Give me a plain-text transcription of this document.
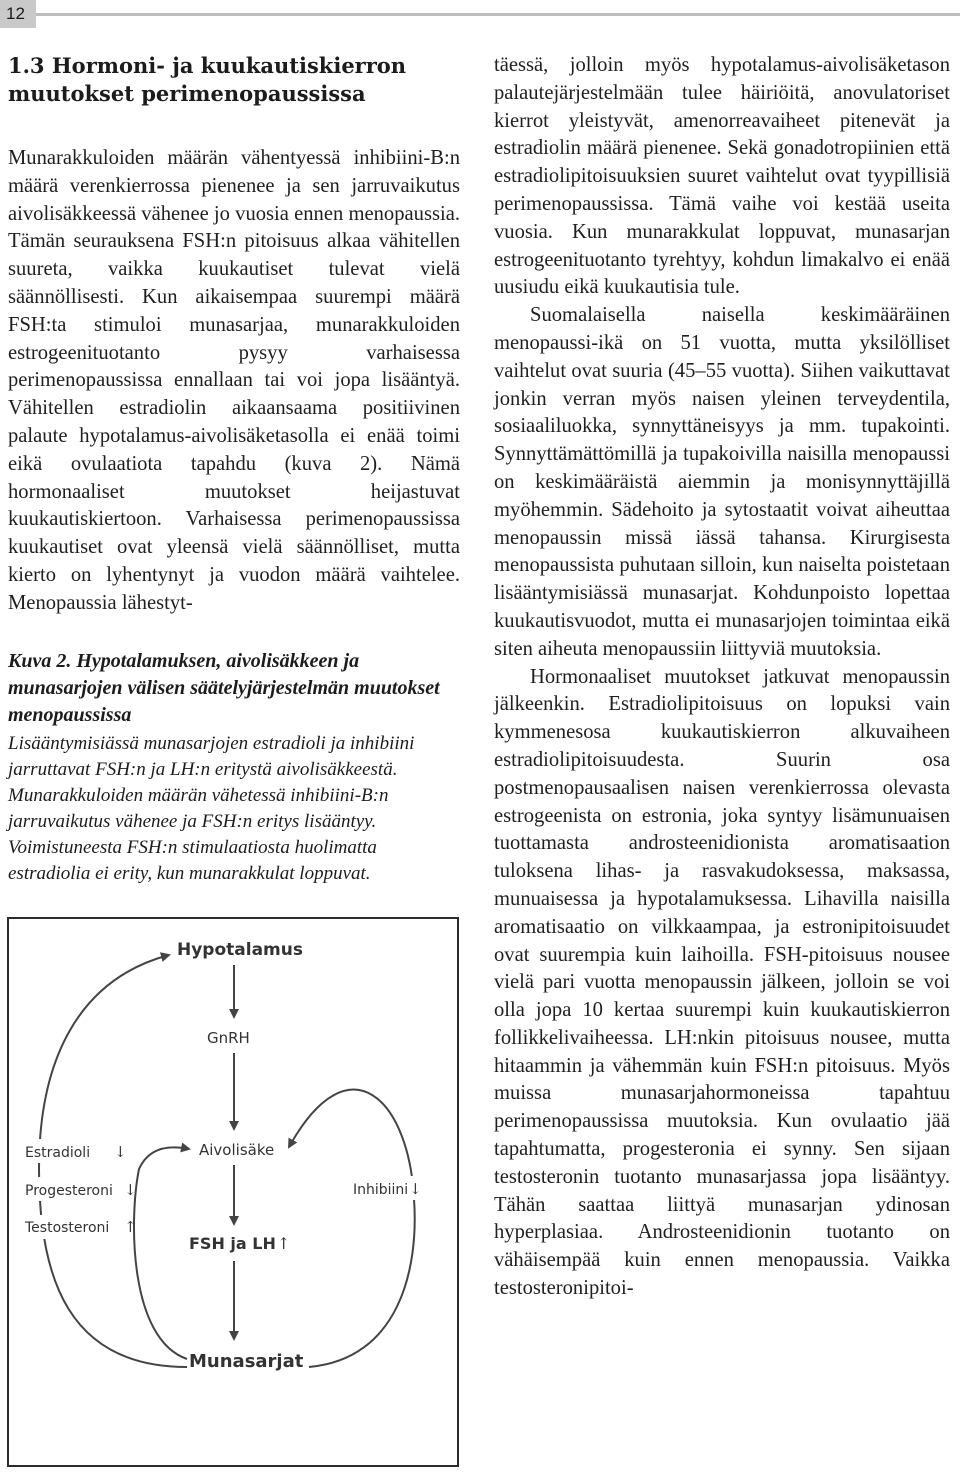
12
1.3 Hormoni- ja kuukautiskierron
muutokset perimenopaussissa

Munarakkuloiden määrän vähentyessä inhibiini-B:n määrä verenkierrossa pienenee ja sen jarruvaikutus aivolisäkkeessä vähenee jo vuosia ennen menopaussia. Tämän seurauksena FSH:n pitoisuus alkaa vähitellen suureta, vaikka kuukautiset tulevat vielä säännöllisesti. Kun aikaisempaa suurempi määrä FSH:ta stimuloi munasarjaa, munarakkuloiden estrogeenituotanto pysyy varhaisessa perimenopaussissa ennallaan tai voi jopa lisääntyä. Vähitellen estradiolin aikaansaama positiivinen palaute hypotalamus-aivolisäketasolla ei enää toimi eikä ovulaatiota tapahdu (kuva 2). Nämä hormonaaliset muutokset heijastuvat kuukautiskiertoon. Varhaisessa perimenopaussissa kuukautiset ovat yleensä vielä säännölliset, mutta kierto on lyhentynyt ja vuodon määrä vaihtelee. Menopaussia lähestyt-

Kuva 2. Hypotalamuksen, aivolisäkkeen ja munasarjojen välisen säätelyjärjestelmän muutokset menopaussissa
Lisääntymisiässä munasarjojen estradioli ja inhibiini jarruttavat FSH:n ja LH:n eritystä aivolisäkkeestä. Munarakkuloiden määrän vähetessä inhibiini-B:n jarruvaikutus vähenee ja FSH:n eritys lisääntyy. Voimistuneesta FSH:n stimulaatiosta huolimatta estradiolia ei erity, kun munarakkulat loppuvat.
Hypotalamus
GnRH
Aivolisäke
FSH ja LH ↑
Munasarjat
Estradioli ↓
Progesteroni ↓
Testosteroni ↑
Inhibiini ↓

täessä, jolloin myös hypotalamus-aivolisäketason palautejärjestelmään tulee häiriöitä, anovulatoriset kierrot yleistyvät, amenorreavaiheet pitenevät ja estradiolin määrä pienenee. Sekä gonadotropiinien että estradiolipitoisuuksien suuret vaihtelut ovat tyypillisiä perimenopaussissa. Tämä vaihe voi kestää useita vuosia. Kun munarakkulat loppuvat, munasarjan estrogeenituotanto tyrehtyy, kohdun limakalvo ei enää uusiudu eikä kuukautisia tule.

Suomalaisella naisella keskimääräinen menopaussi-ikä on 51 vuotta, mutta yksilölliset vaihtelut ovat suuria (45–55 vuotta). Siihen vaikuttavat jonkin verran myös naisen yleinen terveydentila, sosiaaliluokka, synnyttäneisyys ja mm. tupakointi. Synnyttämättömillä ja tupakoivilla naisilla menopaussi on keskimääräistä aiemmin ja monisynnyttäjillä myöhemmin. Sädehoito ja sytostaatit voivat aiheuttaa menopaussin missä iässä tahansa. Kirurgisesta menopaussista puhutaan silloin, kun naiselta poistetaan lisääntymisiässä munasarjat. Kohdunpoisto lopettaa kuukautisvuodot, mutta ei munasarjojen toimintaa eikä siten aiheuta menopaussiin liittyviä muutoksia.

Hormonaaliset muutokset jatkuvat menopaussin jälkeenkin. Estradiolipitoisuus on lopuksi vain kymmenesosa kuukautiskierron alkuvaiheen estradiolipitoisuudesta. Suurin osa postmenopausaalisen naisen verenkierrossa olevasta estrogeenista on estronia, joka syntyy lisämunuaisen tuottamasta androsteenidionista aromatisaation tuloksena lihas- ja rasvakudoksessa, maksassa, munuaisessa ja hypotalamuksessa. Lihavilla naisilla aromatisaatio on vilkkaampaa, ja estronipitoisuudet ovat suurempia kuin laihoilla. FSH-pitoisuus nousee vielä pari vuotta menopaussin jälkeen, jolloin se voi olla jopa 10 kertaa suurempi kuin kuukautiskierron follikkelivaiheessa. LH:nkin pitoisuus nousee, mutta hitaammin ja vähemmän kuin FSH:n pitoisuus. Myös muissa munasarjahormoneissa tapahtuu perimenopaussissa muutoksia. Kun ovulaatio jää tapahtumatta, progesteronia ei synny. Sen sijaan testosteronin tuotanto munasarjassa jopa lisääntyy. Tähän saattaa liittyä munasarjan ydinosan hyperplasiaa. Androsteenidionin tuotanto on vähäisempää kuin ennen menopaussia. Vaikka testosteronipitoi-
